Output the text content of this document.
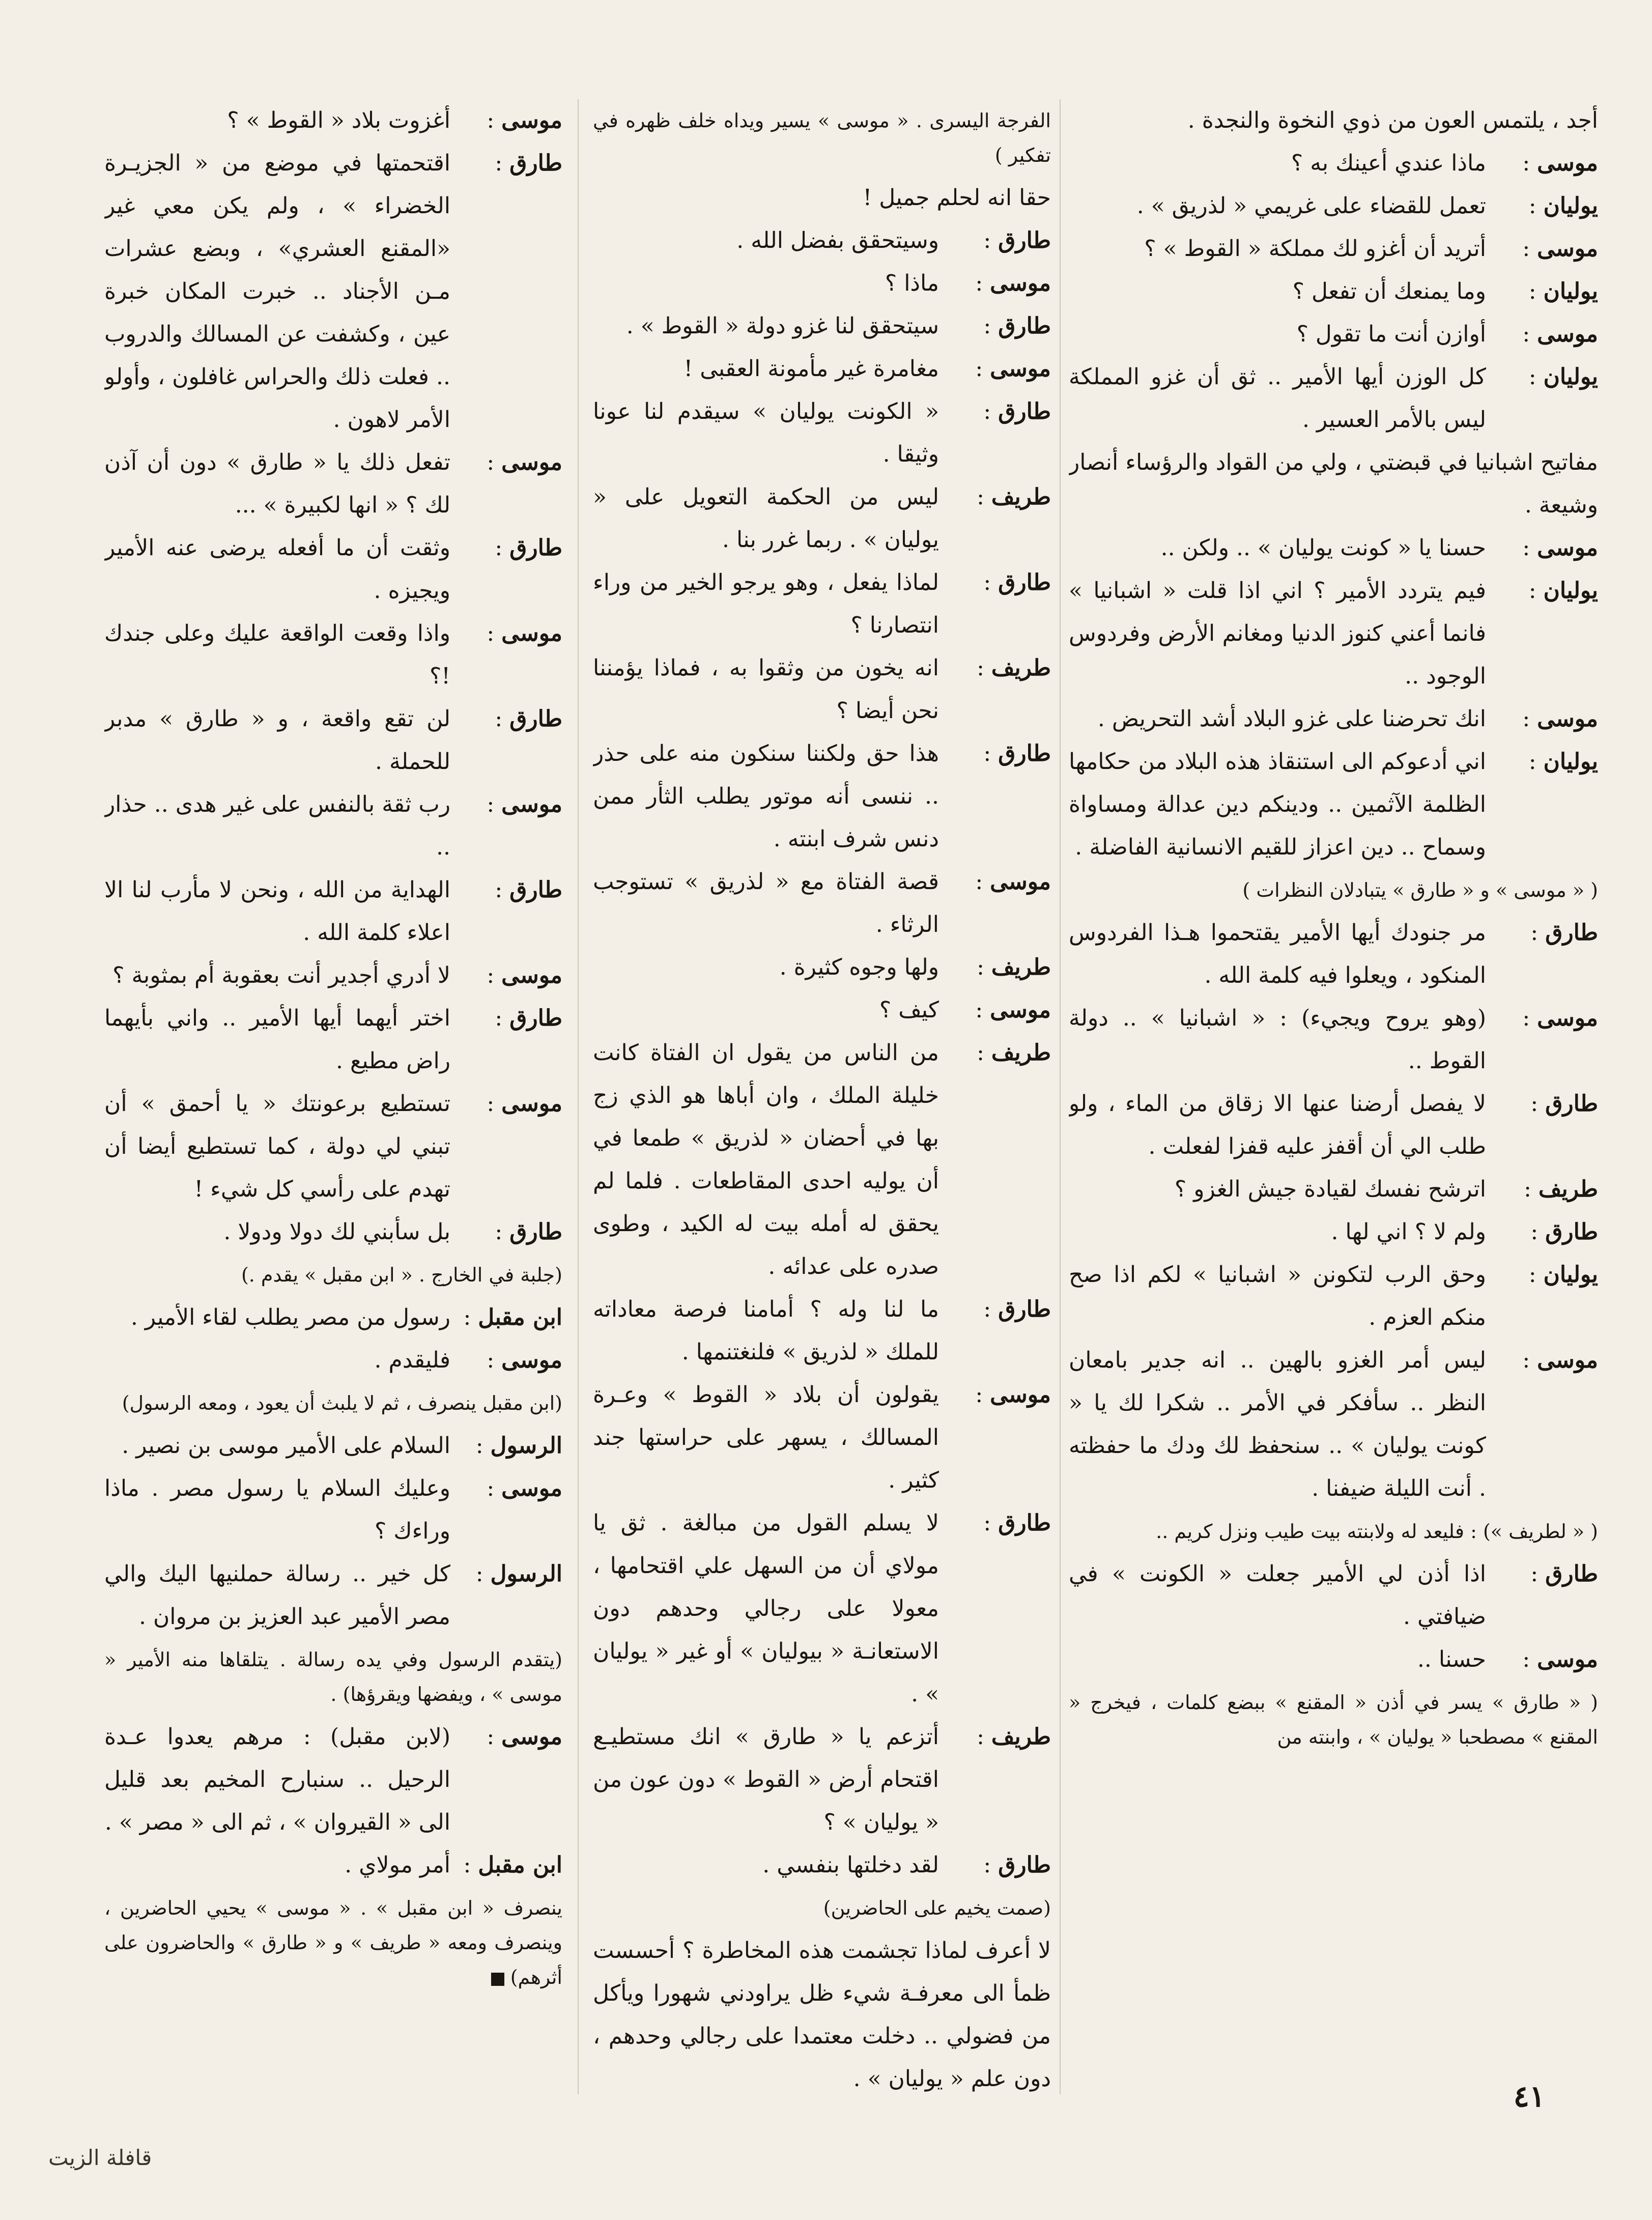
أجد ، يلتمس العون من ذوي النخوة والنجدة .
موسى :
ماذا عندي أعينك به ؟
يوليان :
تعمل للقضاء على غريمي « لذريق » .
موسى :
أتريد أن أغزو لك مملكة « القوط » ؟
يوليان :
وما يمنعك أن تفعل ؟
موسى :
أوازن أنت ما تقول ؟
يوليان :
كل الوزن أيها الأمير .. ثق أن غزو المملكة ليس بالأمر العسير .
مفاتيح اشبانيا في قبضتي ، ولي من القواد والرؤساء أنصار وشيعة .
موسى :
حسنا يا « كونت يوليان » .. ولكن ..
يوليان :
فيم يتردد الأمير ؟ اني اذا قلت « اشبانيا » فانما أعني كنوز الدنيا ومغانم الأرض وفردوس الوجود ..
موسى :
انك تحرضنا على غزو البلاد أشد التحريض .
يوليان :
اني أدعوكم الى استنقاذ هذه البلاد من حكامها الظلمة الآثمين .. ودينكم دين عدالة ومساواة وسماح .. دين اعزاز للقيم الانسانية الفاضلة .
( « موسى » و « طارق » يتبادلان النظرات )
طارق :
مر جنودك أيها الأمير يقتحموا هـذا الفردوس المنكود ، ويعلوا فيه كلمة الله .
موسى :
(وهو يروح ويجيء) : « اشبانيا » .. دولة القوط ..
طارق :
لا يفصل أرضنا عنها الا زقاق من الماء ، ولو طلب الي أن أقفز عليه قفزا لفعلت .
طريف :
اترشح نفسك لقيادة جيش الغزو ؟
طارق :
ولم لا ؟ اني لها .
يوليان :
وحق الرب لتكونن « اشبانيا » لكم اذا صح منكم العزم .
موسى :
ليس أمر الغزو بالهين .. انه جدير بامعان النظر .. سأفكر في الأمر .. شكرا لك يا « كونت يوليان » .. سنحفظ لك ودك ما حفظته . أنت الليلة ضيفنا .
( « لطريف ») : فليعد له ولابنته بيت طيب ونزل كريم ..
طارق :
اذا أذن لي الأمير جعلت « الكونت » في ضيافتي .
موسى :
حسنا ..
( « طارق » يسر في أذن « المقنع » ببضع كلمات ، فيخرج « المقنع » مصطحبا « يوليان » ، وابنته من
الفرجة اليسرى . « موسى » يسير ويداه خلف ظهره في تفكير )
حقا انه لحلم جميل !
طارق :
وسيتحقق بفضل الله .
موسى :
ماذا ؟
طارق :
سيتحقق لنا غزو دولة « القوط » .
موسى :
مغامرة غير مأمونة العقبى !
طارق :
« الكونت يوليان » سيقدم لنا عونا وثيقا .
طريف :
ليس من الحكمة التعويل على « يوليان » . ربما غرر بنا .
طارق :
لماذا يفعل ، وهو يرجو الخير من وراء انتصارنا ؟
طريف :
انه يخون من وثقوا به ، فماذا يؤمننا نحن أيضا ؟
طارق :
هذا حق ولكننا سنكون منه على حذر .. ننسى أنه موتور يطلب الثأر ممن دنس شرف ابنته .
موسى :
قصة الفتاة مع « لذريق » تستوجب الرثاء .
طريف :
ولها وجوه كثيرة .
موسى :
كيف ؟
طريف :
من الناس من يقول ان الفتاة كانت خليلة الملك ، وان أباها هو الذي زج بها في أحضان « لذريق » طمعا في أن يوليه احدى المقاطعات . فلما لم يحقق له أمله بيت له الكيد ، وطوى صدره على عدائه .
طارق :
ما لنا وله ؟ أمامنا فرصة معاداته للملك « لذريق » فلنغتنمها .
موسى :
يقولون أن بلاد « القوط » وعـرة المسالك ، يسهر على حراستها جند كثير .
طارق :
لا يسلم القول من مبالغة . ثق يا مولاي أن من السهل علي اقتحامها ، معولا على رجالي وحدهم دون الاستعانـة « بيوليان » أو غير « يوليان » .
طريف :
أتزعم يا « طارق » انك مستطيـع اقتحام أرض « القوط » دون عون من « يوليان » ؟
طارق :
لقد دخلتها بنفسي .
(صمت يخيم على الحاضرين)
لا أعرف لماذا تجشمت هذه المخاطرة ؟ أحسست ظمأ الى معرفـة شيء ظل يراودني شهورا ويأكل من فضولي .. دخلت معتمدا على رجالي وحدهم ، دون علم « يوليان » .
موسى :
أغزوت بلاد « القوط » ؟
طارق :
اقتحمتها في موضع من « الجزيـرة الخضراء » ، ولم يكن معي غير «المقنع العشري» ، وبضع عشرات مـن الأجناد .. خبرت المكان خبرة عين ، وكشفت عن المسالك والدروب .. فعلت ذلك والحراس غافلون ، وأولو الأمر لاهون .
موسى :
تفعل ذلك يا « طارق » دون أن آذن لك ؟ « انها لكبيرة » ...
طارق :
وثقت أن ما أفعله يرضى عنه الأمير ويجيزه .
موسى :
واذا وقعت الواقعة عليك وعلى جندك !؟
طارق :
لن تقع واقعة ، و « طارق » مدبر للحملة .
موسى :
رب ثقة بالنفس على غير هدى .. حذار ..
طارق :
الهداية من الله ، ونحن لا مأرب لنا الا اعلاء كلمة الله .
موسى :
لا أدري أجدير أنت بعقوبة أم بمثوبة ؟
طارق :
اختر أيهما أيها الأمير .. واني بأيهما راض مطيع .
موسى :
تستطيع برعونتك « يا أحمق » أن تبني لي دولة ، كما تستطيع أيضا أن تهدم على رأسي كل شيء !
طارق :
بل سأبني لك دولا ودولا .
(جلبة في الخارج . « ابن مقبل » يقدم .)
ابن مقبل :
رسول من مصر يطلب لقاء الأمير .
موسى :
فليقدم .
(ابن مقبل ينصرف ، ثم لا يلبث أن يعود ، ومعه الرسول)
الرسول :
السلام على الأمير موسى بن نصير .
موسى :
وعليك السلام يا رسول مصر . ماذا وراءك ؟
الرسول :
كل خير .. رسالة حملنيها اليك والي مصر الأمير عبد العزيز بن مروان .
(يتقدم الرسول وفي يده رسالة . يتلقاها منه الأمير « موسى » ، ويفضها ويقرؤها) .
موسى :
(لابن مقبل) : مرهم يعدوا عـدة الرحيل .. سنبارح المخيم بعد قليل الى « القيروان » ، ثم الى « مصر » .
ابن مقبل :
أمر مولاي .
ينصرف « ابن مقبل » . « موسى » يحيي الحاضرين ، وينصرف ومعه « طريف » و « طارق » والحاضرون على أثرهم)
٤١
قافلة الزيت
